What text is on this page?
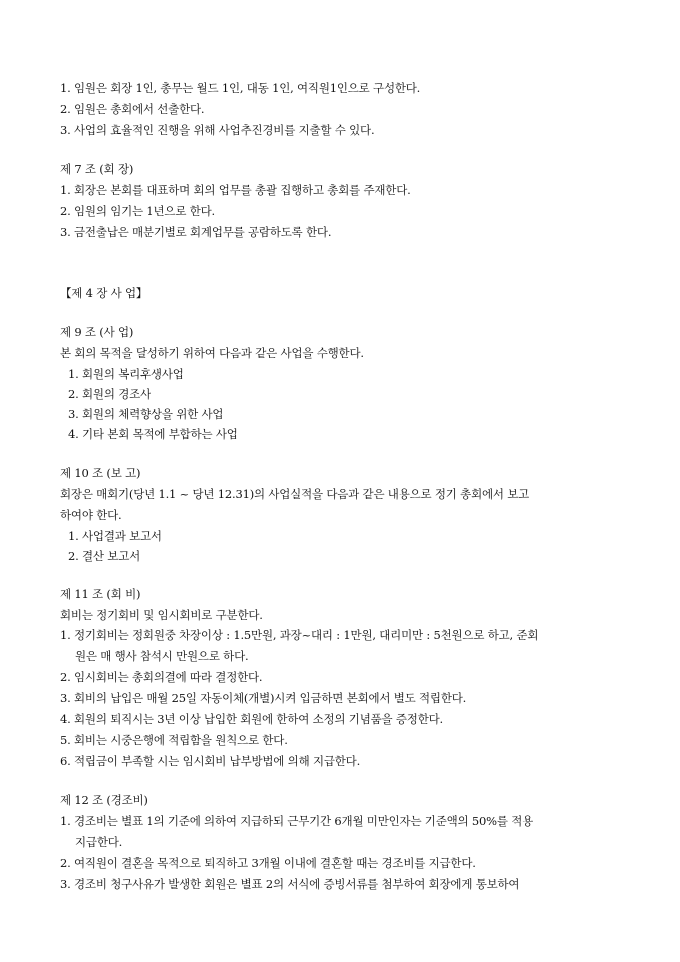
1. 임원은 회장 1인, 총무는 월드 1인, 대동 1인, 여직원1인으로 구성한다.
2. 임원은 총회에서 선출한다.
3. 사업의 효율적인 진행을 위해 사업추진경비를 지출할 수 있다.
제 7 조 (회 장)
1. 회장은 본회를 대표하며 회의 업무를 총괄 집행하고 총회를 주재한다.
2. 임원의 임기는 1년으로 한다.
3. 금전출납은 매분기별로 회계업무를 공람하도록 한다.
【제 4 장 사 업】
제 9 조 (사 업)
본 회의 목적을 달성하기 위하여 다음과 같은 사업을 수행한다.
1. 회원의 복리후생사업
2. 회원의 경조사
3. 회원의 체력향상을 위한 사업
4. 기타 본회 목적에 부합하는 사업
제 10 조 (보 고)
회장은 매회기(당년 1.1 ~ 당년 12.31)의 사업실적을 다음과 같은 내용으로 정기 총회에서 보고
하여야 한다.
1. 사업결과 보고서
2. 결산 보고서
제 11 조 (회 비)
회비는 정기회비 및 임시회비로 구분한다.
1. 정기회비는 정회원중 차장이상 : 1.5만원, 과장~대리 : 1만원, 대리미만 : 5천원으로 하고, 준회
원은 매 행사 참석시 만원으로 하다.
2. 임시회비는 총회의결에 따라 결정한다.
3. 회비의 납입은 매월 25일 자동이체(개별)시켜 입금하면 본회에서 별도 적립한다.
4. 회원의 퇴직시는 3년 이상 납입한 회원에 한하여 소정의 기념품을 증정한다.
5. 회비는 시중은행에 적립함을 원칙으로 한다.
6. 적립금이 부족할 시는 임시회비 납부방법에 의해 지급한다.
제 12 조 (경조비)
1. 경조비는 별표 1의 기준에 의하여 지급하되 근무기간 6개월 미만인자는 기준액의 50%를 적용
지급한다.
2. 여직원이 결혼을 목적으로 퇴직하고 3개월 이내에 결혼할 때는 경조비를 지급한다.
3. 경조비 청구사유가 발생한 회원은 별표 2의 서식에 증빙서류를 첨부하여 회장에게 통보하여
